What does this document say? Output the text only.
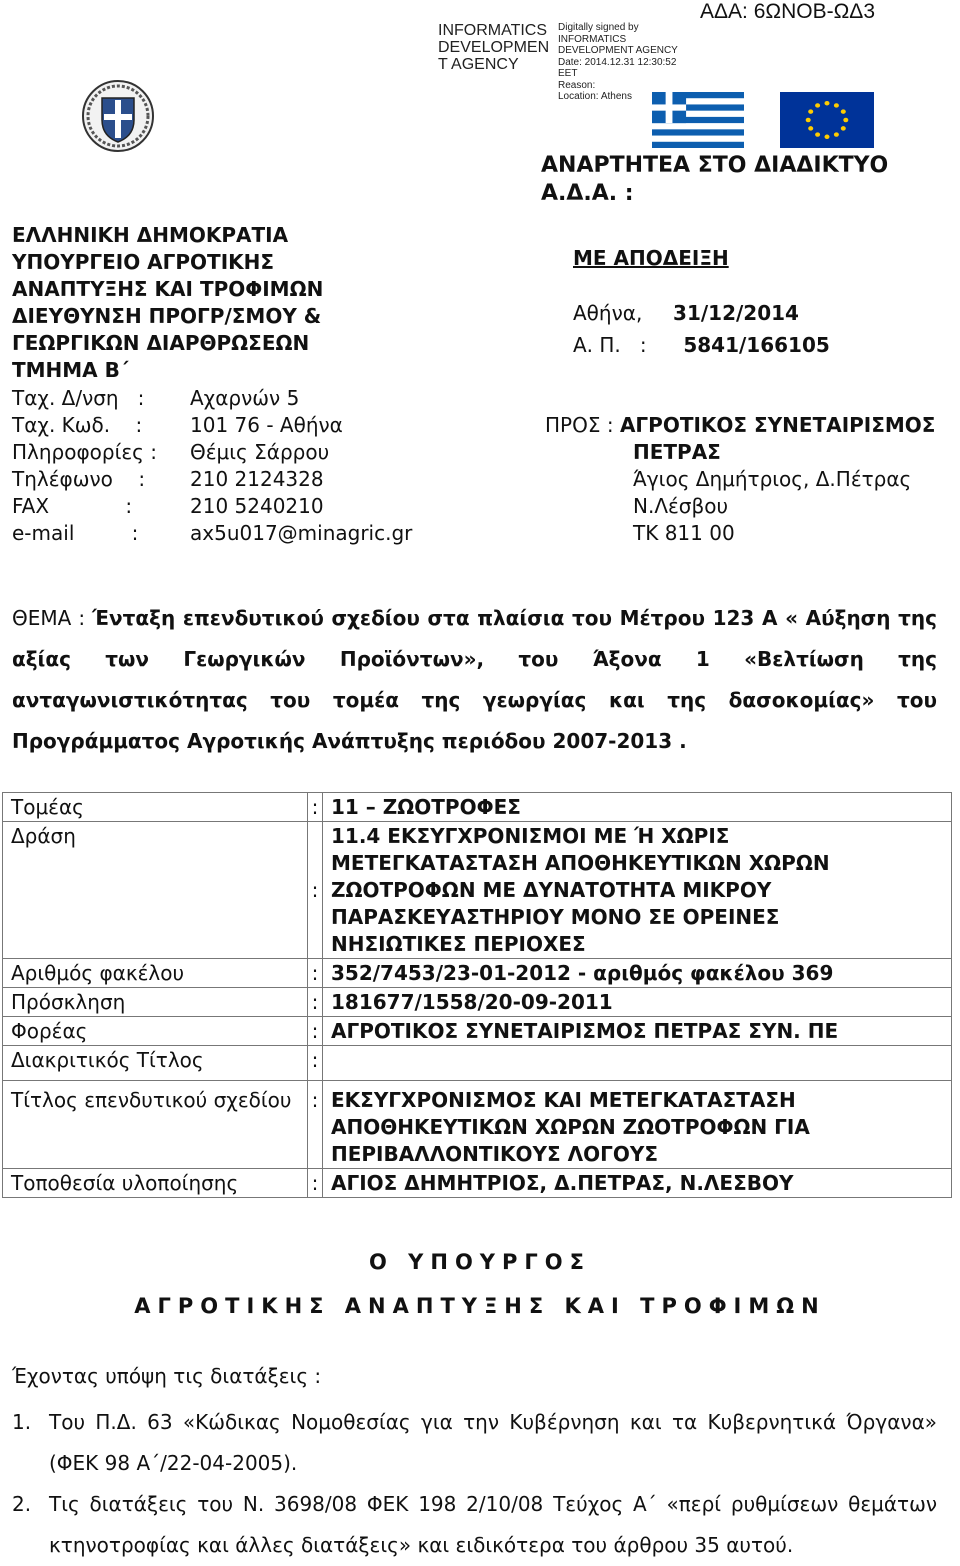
INFORMATICS
DEVELOPMEN
T AGENCY
Digitally signed by
INFORMATICS
DEVELOPMENT AGENCY
Date: 2014.12.31 12:30:52
EET
Reason:
Location: Athens
ΑΔΑ: 6ΩΝΟΒ-ΩΔ3
ΕΛΛΗΝΙΚΗ ΔΗΜΟΚΡΑΤΙΑ
ΥΠΟΥΡΓΕΙΟ ΑΓΡΟΤΙΚΗΣ
ΑΝΑΠΤΥΞΗΣ ΚΑΙ ΤΡΟΦΙΜΩΝ
ΔΙΕΥΘΥΝΣΗ ΠΡΟΓΡ/ΣΜΟΥ &
ΓΕΩΡΓΙΚΩΝ ΔΙΑΡΘΡΩΣΕΩΝ
ΤΜΗΜΑ Β΄
Ταχ. Δ/νση   :	Αχαρνών 5
Ταχ. Κωδ.    :	101 76 - Αθήνα
Πληροφορίες :	Θέμις Σάρρου
Τηλέφωνο    :	210 2124328
FAX            :	210 5240210
e-mail         :	ax5u017@minagric.gr
ΑΝΑΡΤΗΤΕΑ ΣΤΟ ΔΙΑΔΙΚΤΥΟ
Α.Δ.Α. :
ΜΕ ΑΠΟΔΕΙΞΗ
Αθήνα, 31/12/2014
Α. Π.   : 5841/166105
ΠΡΟΣ : ΑΓΡΟΤΙΚΟΣ ΣΥΝΕΤΑΙΡΙΣΜΟΣ
ΠΕΤΡΑΣ
Άγιος Δημήτριος, Δ.Πέτρας
Ν.Λέσβου
ΤΚ 811 00
ΘΕΜΑ : Ένταξη επενδυτικού σχεδίου στα πλαίσια του Μέτρου 123 Α « Αύξηση της
αξίας των Γεωργικών Προϊόντων», του Άξονα 1 «Βελτίωση της
ανταγωνιστικότητας του τομέα της γεωργίας και της δασοκομίας» του
Προγράμματος Αγροτικής Ανάπτυξης περιόδου 2007-2013 .
Τομέας	:	11 – ΖΩΟΤΡΟΦΕΣ

Δράση	:	11.4 ΕΚΣΥΓΧΡΟΝΙΣΜΟΙ ΜΕ Ή ΧΩΡΙΣ
ΜΕΤΕΓΚΑΤΑΣΤΑΣΗ ΑΠΟΘΗΚΕΥΤΙΚΩΝ ΧΩΡΩΝ
ΖΩΟΤΡΟΦΩΝ ΜΕ ΔΥΝΑΤΟΤΗΤΑ ΜΙΚΡΟΥ
ΠΑΡΑΣΚΕΥΑΣΤΗΡΙΟΥ ΜΟΝΟ ΣΕ ΟΡΕΙΝΕΣ
ΝΗΣΙΩΤΙΚΕΣ ΠΕΡΙΟΧΕΣ

Αριθμός φακέλου	:	352/7453/23-01-2012 - αριθμός φακέλου 369

Πρόσκληση	:	181677/1558/20-09-2011

Φορέας	:	ΑΓΡΟΤΙΚΟΣ ΣΥΝΕΤΑΙΡΙΣΜΟΣ ΠΕΤΡΑΣ ΣΥΝ. ΠΕ

Διακριτικός Τίτλος	:	

Τίτλος επενδυτικού σχεδίου	:	ΕΚΣΥΓΧΡΟΝΙΣΜΟΣ ΚΑΙ ΜΕΤΕΓΚΑΤΑΣΤΑΣΗ
ΑΠΟΘΗΚΕΥΤΙΚΩΝ ΧΩΡΩΝ ΖΩΟΤΡΟΦΩΝ ΓΙΑ
ΠΕΡΙΒΑΛΛΟΝΤΙΚΟΥΣ ΛΟΓΟΥΣ

Τοποθεσία υλοποίησης	:	ΑΓΙΟΣ ΔΗΜΗΤΡΙΟΣ, Δ.ΠΕΤΡΑΣ, Ν.ΛΕΣΒΟΥ
Ο ΥΠΟΥΡΓΟΣ
ΑΓΡΟΤΙΚΗΣ ΑΝΑΠΤΥΞΗΣ ΚΑΙ ΤΡΟΦΙΜΩΝ
Έχοντας υπόψη τις διατάξεις :
1. Του Π.Δ. 63 «Κώδικας Νομοθεσίας για την Κυβέρνηση και τα Κυβερνητικά Όργανα»
(ΦΕΚ 98 Α΄/22-04-2005).
2. Τις διατάξεις του Ν. 3698/08 ΦΕΚ 198 2/10/08 Τεύχος Α΄ «περί ρυθμίσεων θεμάτων
κτηνοτροφίας και άλλες διατάξεις» και ειδικότερα του άρθρου 35 αυτού.
